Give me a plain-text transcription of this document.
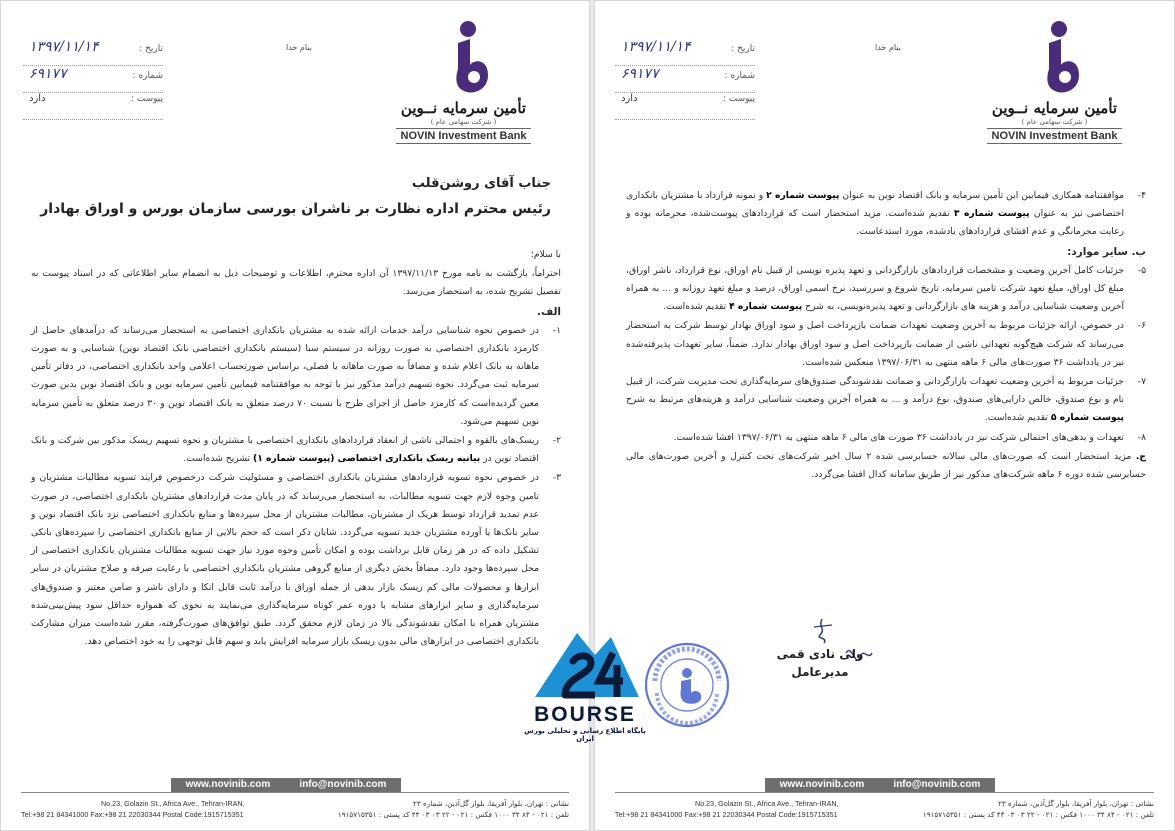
تأمین سرمایه نــوین
( شرکت سهامی عام )
NOVIN Investment Bank
بنام خدا
تاریخ :
۱۳۹۷/۱۱/۱۴
شماره :
۶۹۱۷۷
پیوست :
دارد
جناب آقای روشن‌قلب
رئیس محترم اداره نظارت بر ناشران بورسی سازمان بورس و اوراق بهادار

با سلام؛

احتراماً، بازگشت به نامه مورخ ۱۳۹۷/۱۱/۱۳ آن اداره محترم، اطلاعات و توضیحات ذیل به انضمام سایر اطلاعاتی که در اسناد پیوست به تفصیل تشریح شده، به استحضار می‌رسد.

الف.

۱-
در خصوص نحوه شناسایی درآمد خدمات ارائه شده به مشتریان بانکداری اختصاصی به استحضار می‌رساند که درآمدهای حاصل از کارمزد بانکداری اختصاصی به صورت روزانه در سیستم سبا (سیستم بانکداری اختصاصی بانک اقتصاد نوین) شناسایی و به صورت ماهانه به بانک اعلام شده و مضافاً به صورت ماهانه یا فصلی، براساس صورتحساب اعلامی واحد بانکداری اختصاصی، در دفاتر تأمین سرمایه ثبت می‌گردد. نحوه تسهیم درآمد مذکور نیز با توجه به موافقتنامه فیمابین تأمین سرمایه نوین و بانک اقتصاد نوین بدین صورت معین گردیده‌است که کارمزد حاصل از اجرای طرح با نسبت ۷۰ درصد متعلق به بانک اقتصاد نوین و ۳۰ درصد متعلق به تأمین سرمایه نوین تسهیم می‌شود.

۲-
ریسک‌های بالقوه و احتمالی ناشی از انعقاد قراردادهای بانکداری اختصاصی با مشتریان و نحوه تسهیم ریسک مذکور بین شرکت و بانک اقتصاد نوین در بیانیه ریسک بانکداری اختصاصی (پیوست شماره ۱) تشریح شده‌است.

۳-
در خصوص نحوه تسویه قراردادهای مشتریان بانکداری اختصاصی و مسئولیت شرکت درخصوص فرایند تسویه مطالبات مشتریان و تامین وجوه لازم جهت تسویه مطالبات، به استحضار می‌رساند که در پایان مدت قراردادهای مشتریان بانکداری اختصاصی، در صورت عدم تمدید قرارداد توسط هریک از مشتریان، مطالبات مشتریان از محل سپرده‌ها و منابع بانکداری اختصاصی نزد بانک اقتصاد نوین و سایر بانک‌ها یا آورده مشتریان جدید تسویه می‌گردد. شایان ذکر است که حجم بالایی از منابع بانکداری اختصاصی را سپرده‌های بانکی تشکیل داده که در هر زمان قابل برداشت بوده و امکان تأمین وجوه مورد نیاز جهت تسویه مطالبات مشتریان بانکداری اختصاصی از محل سپرده‌ها وجود دارد. مضافاً بخش دیگری از منابع گروهی مشتریان بانکداری اختصاصی با رعایت صرفه و صلاح مشتریان در سایر ابزارها و محصولات مالی کم ریسک بازار بدهی از جمله اوراق با درآمد ثابت قابل اتکا و دارای ناشر و ضامن معتبر و صندوق‌های سرمایه‌گذاری و سایر ابزارهای مشابه با دوره عمر کوتاه سرمایه‌گذاری می‌نمایند به نحوی که همواره حداقل سود پیش‌بینی‌شده مشتریان همراه با امکان نقدشوندگی بالا در زمان لازم محقق گردد. طبق توافق‌های صورت‌گرفته، مقرر شده‌است میزان مشارکت بانکداری اختصاصی در ابزارهای مالی بدون ریسک بازار سرمایه افزایش یابد و سهم قابل توجهی را به خود اختصاص دهد.

www.novinib.com	info@novinib.com
No.23, Golazin St., Africa Ave., Tehran-IRAN,	نشانی : تهران، بلوار آفریقا، بلوار گل‌آذین، شماره ۲۳
Tel:+98 21 84341000 Fax:+98 21 22030344 Postal Code:1915715351	تلفن : ۰۲۱ - ۸۴ ۳۴ ۱۰۰۰ فکس : ۰۲۱ - ۲۲ ۰۳ ۰۳ ۴۴ کد پستی : ۱۹۱۵۷۱۵۳۵۱
تأمین سرمایه نــوین
( شرکت سهامی عام )
NOVIN Investment Bank
بنام خدا
تاریخ :
۱۳۹۷/۱۱/۱۴
شماره :
۶۹۱۷۷
پیوست :
دارد

۴-
موافقتنامه همکاری فیمابین این تأمین سرمایه و بانک اقتصاد نوین به عنوان پیوست شماره ۲ و نمونه قرارداد با مشتریان بانکداری اختصاصی نیز به عنوان پیوست شماره ۳ تقدیم شده‌است. مزید استحضار است که قراردادهای پیوست‌شده، محرمانه بوده و رعایت محرمانگی و عدم افشای قراردادهای یادشده، مورد استدعاست.

ب. سایر موارد:

۵-
جزئیات کامل آخرین وضعیت و مشخصات قراردادهای بازارگردانی و تعهد پذیره نویسی از قبیل نام اوراق، نوع قرارداد، ناشر اوراق، مبلغ کل اوراق، مبلغ تعهد شرکت تامین سرمایه، تاریخ شروع و سررسید، نرخ اسمی اوراق، درصد و مبلغ تعهد روزانه و ... به همراه آخرین وضعیت شناسایی درآمد و هزینه های بازارگردانی و تعهد پذیره‌نویسی، به شرح پیوست شماره ۴ تقدیم شده‌است.

۶-
در خصوص، ارائه جزئیات مربوط به آخرین وضعیت تعهدات ضمانت بازپرداخت اصل و سود اوراق بهادار توسط شرکت به استحضار می‌رساند که شرکت هیچ‌گونه تعهداتی ناشی از ضمانت بازپرداخت اصل و سود اوراق بهادار ندارد. ضمناً، سایر تعهدات پذیرفته‌شده نیز در یادداشت ۳۶ صورت‌های مالی ۶ ماهه منتهی به ۱۳۹۷/۰۶/۳۱ منعکس شده‌است.

۷-
جزئیات مربوط به آخرین وضعیت تعهدات بازارگردانی و ضمانت نقدشوندگی صندوق‌های سرمایه‌گذاری تحت مدیریت شرکت، از قبیل نام و نوع صندوق، خالص دارایی‌های صندوق، نوع درآمد و ... به همراه آخرین وضعیت شناسایی درآمد و هزینه‌های مرتبط به شرح پیوست شماره ۵ تقدیم شده‌است.

۸-
تعهدات و بدهی‌های احتمالی شرکت نیز در یادداشت ۳۶ صورت های مالی ۶ ماهه منتهی به ۱۳۹۷/۰۶/۳۱ افشا شده‌است.

ج. مزید استحضار است که صورت‌های مالی سالانه حسابرسی شده ۲ سال اخیر شرکت‌های تحت کنترل و آخرین صورت‌های مالی حسابرسی شده دوره ۶ ماهه شرکت‌های مذکور نیز از طریق سامانه کدال افشا می‌گردد.

ولی نادی قمی
مدیرعامل
www.novinib.com	info@novinib.com
No.23, Golazin St., Africa Ave., Tehran-IRAN,	نشانی : تهران، بلوار آفریقا، بلوار گل‌آذین، شماره ۲۳
Tel:+98 21 84341000 Fax:+98 21 22030344 Postal Code:1915715351	تلفن : ۰۲۱ - ۸۴ ۳۴ ۱۰۰۰ فکس : ۰۲۱ - ۲۲ ۰۳ ۰۳ ۴۴ کد پستی : ۱۹۱۵۷۱۵۳۵۱
BOURSE
پایگاه اطلاع رسانی و تحلیلی بورس ایران
